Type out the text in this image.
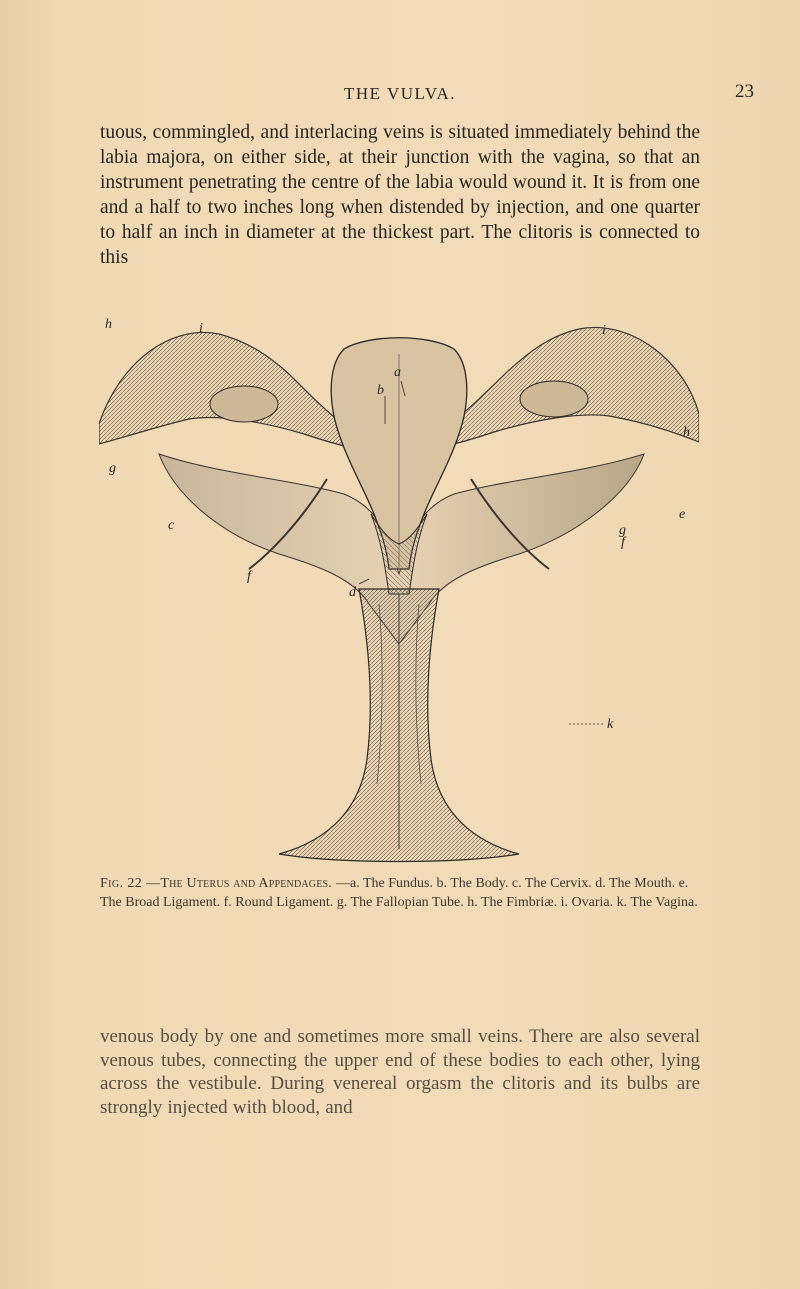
THE VULVA.	23

tuous, commingled, and interlacing veins is situated immediately behind the labia majora, on either side, at their junction with the vagina, so that an instrument penetrating the centre of the labia would wound it. It is from one and a half to two inches long when distended by injection, and one quarter to half an inch in diameter at the thickest part. The clitoris is connected to this

a
b
c
d
e
f
f
g
g
h
h
i	i
k
Fig. 22 —The Uterus and Appendages. —a. The Fundus. b. The Body. c. The Cervix. d. The Mouth. e. The Broad Ligament. f. Round Ligament. g. The Fallopian Tube. h. The Fimbriæ. i. Ovaria. k. The Vagina.

venous body by one and sometimes more small veins. There are also several venous tubes, connecting the upper end of these bodies to each other, lying across the vestibule. During venereal orgasm the clitoris and its bulbs are strongly injected with blood, and
